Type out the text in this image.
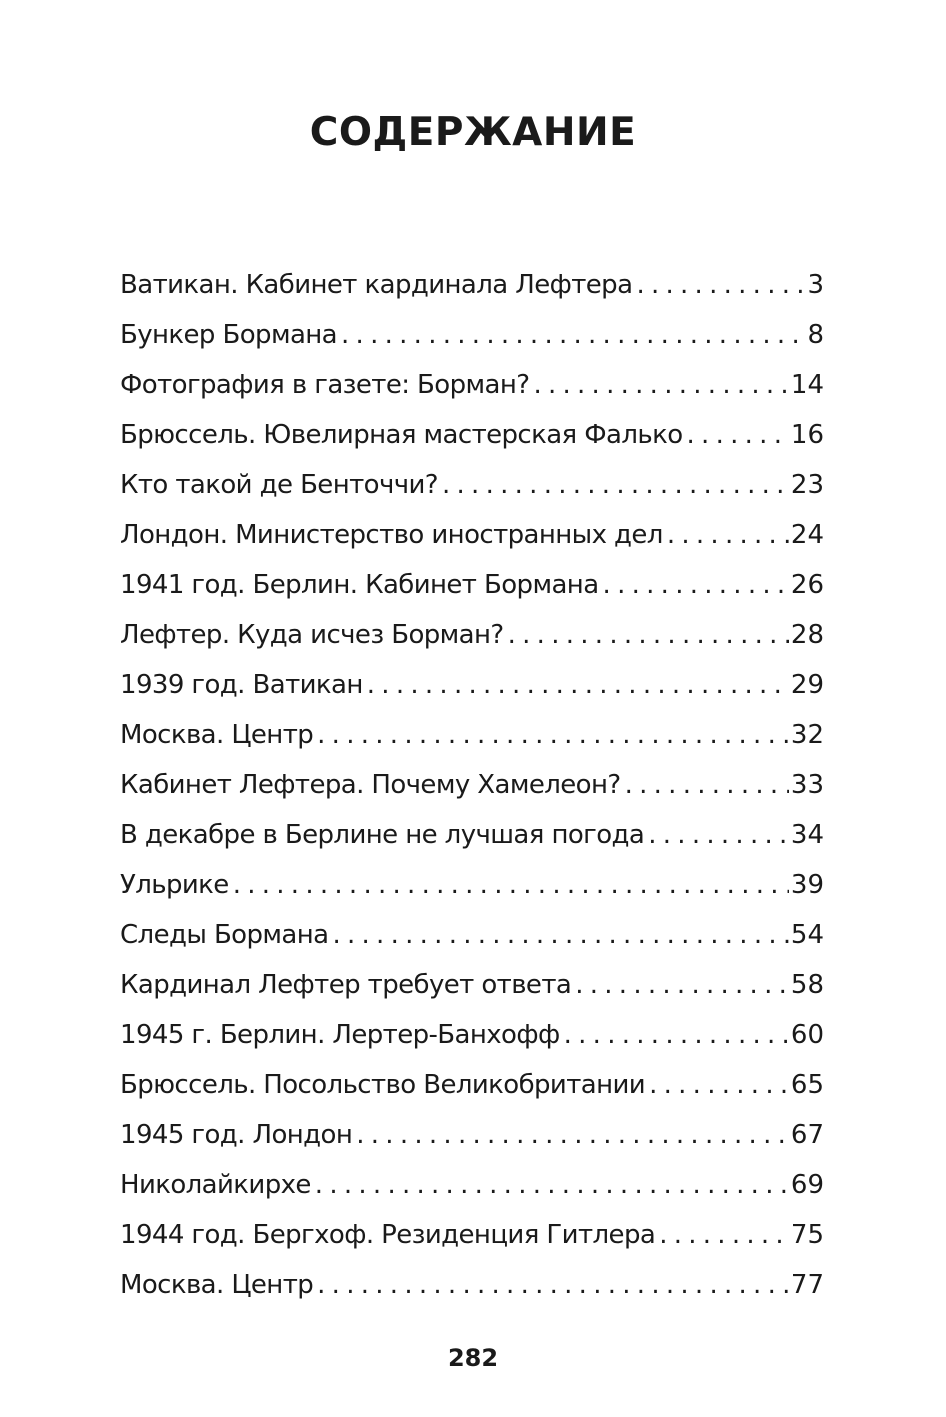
СОДЕРЖАНИЕ
Ватикан. Кабинет кардинала Лефтера . . .	3
Бункер Бормана . . .	8
Фотография в газете: Борман? . . .	14
Брюссель. Ювелирная мастерская Фалько . . .	16
Кто такой де Бенточчи? . . .	23
Лондон. Министерство иностранных дел . . .	24
1941 год. Берлин. Кабинет Бормана . . .	26
Лефтер. Куда исчез Борман? . . .	28
1939 год. Ватикан . . .	29
Москва. Центр . . .	32
Кабинет Лефтера. Почему Хамелеон? . . .	33
В декабре в Берлине не лучшая погода . . .	34
Ульрике . . .	39
Следы Бормана . . .	54
Кардинал Лефтер требует ответа . . .	58
1945 г. Берлин. Лертер-Банхофф . . .	60
Брюссель. Посольство Великобритании . . .	65
1945 год. Лондон . . .	67
Николайкирхе . . .	69
1944 год. Бергхоф. Резиденция Гитлера . . .	75
Москва. Центр . . .	77
282
